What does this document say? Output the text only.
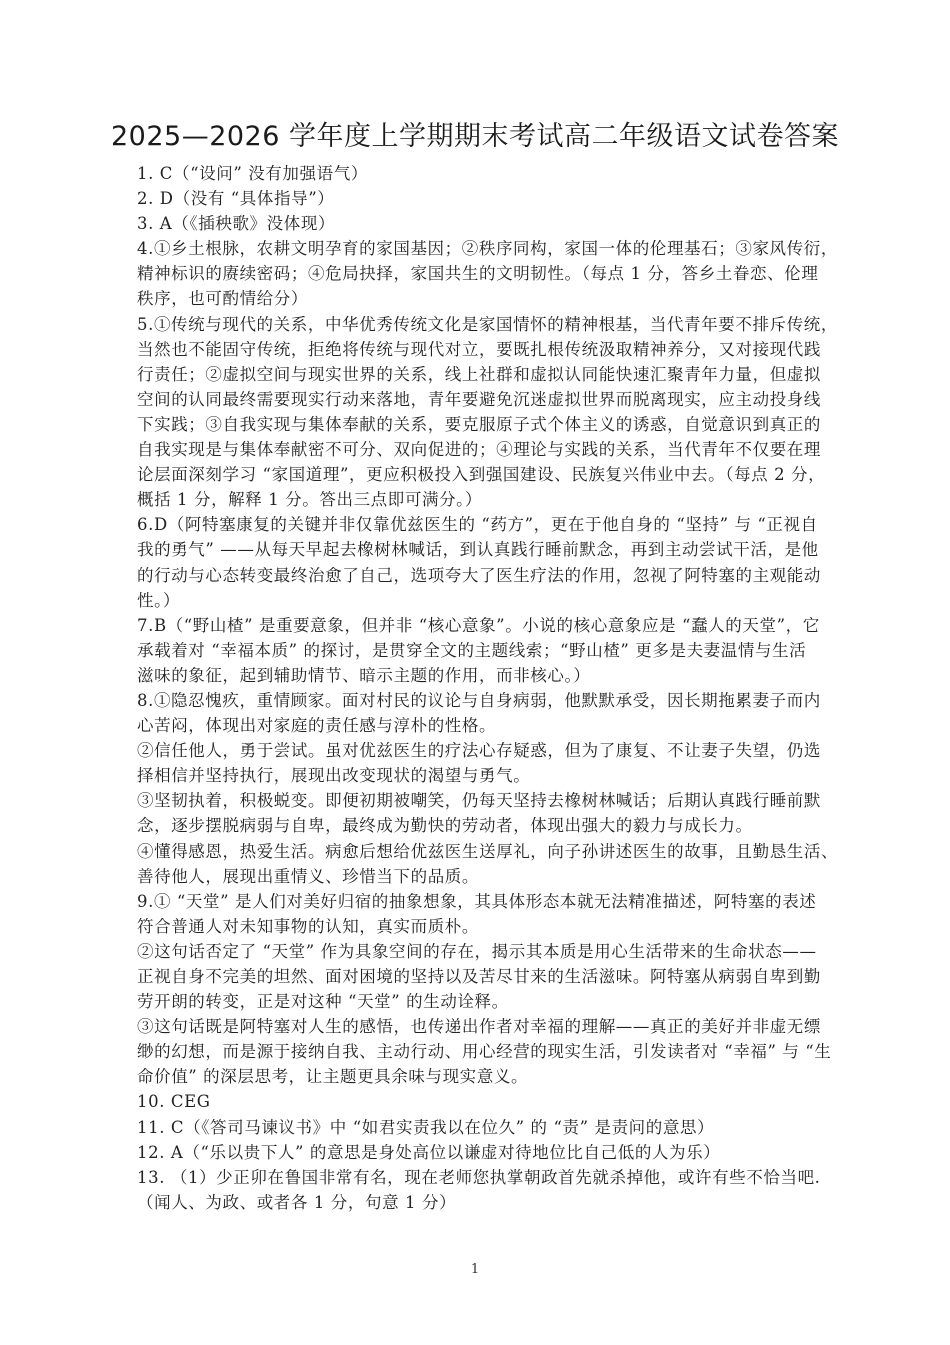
2025—2026 学年度上学期期末考试高二年级语文试卷答案
1. C（“设问” 没有加强语气）
2. D（没有 “具体指导”）
3. A（《插秧歌》没体现）
4.①乡土根脉，农耕文明孕育的家国基因；②秩序同构，家国一体的伦理基石；③家风传衍，
精神标识的赓续密码；④危局抉择，家国共生的文明韧性。（每点 1 分，答乡土眷恋、伦理
秩序，也可酌情给分）
5.①传统与现代的关系，中华优秀传统文化是家国情怀的精神根基，当代青年要不排斥传统，
当然也不能固守传统，拒绝将传统与现代对立，要既扎根传统汲取精神养分，又对接现代践
行责任；②虚拟空间与现实世界的关系，线上社群和虚拟认同能快速汇聚青年力量，但虚拟
空间的认同最终需要现实行动来落地，青年要避免沉迷虚拟世界而脱离现实，应主动投身线
下实践；③自我实现与集体奉献的关系，要克服原子式个体主义的诱惑，自觉意识到真正的
自我实现是与集体奉献密不可分、双向促进的；④理论与实践的关系，当代青年不仅要在理
论层面深刻学习 “家国道理”，更应积极投入到强国建设、民族复兴伟业中去。（每点 2 分，
概括 1 分，解释 1 分。答出三点即可满分。）
6.D（阿特塞康复的关键并非仅靠优兹医生的 “药方”，更在于他自身的 “坚持” 与 “正视自
我的勇气” ——从每天早起去橡树林喊话，到认真践行睡前默念，再到主动尝试干活，是他
的行动与心态转变最终治愈了自己，选项夸大了医生疗法的作用，忽视了阿特塞的主观能动
性。）
7.B（“野山楂” 是重要意象，但并非 “核心意象”。小说的核心意象应是 “蠢人的天堂”，它
承载着对 “幸福本质” 的探讨，是贯穿全文的主题线索；“野山楂” 更多是夫妻温情与生活
滋味的象征，起到辅助情节、暗示主题的作用，而非核心。）
8.①隐忍愧疚，重情顾家。面对村民的议论与自身病弱，他默默承受，因长期拖累妻子而内
心苦闷，体现出对家庭的责任感与淳朴的性格。
②信任他人，勇于尝试。虽对优兹医生的疗法心存疑惑，但为了康复、不让妻子失望，仍选
择相信并坚持执行，展现出改变现状的渴望与勇气。
③坚韧执着，积极蜕变。即便初期被嘲笑，仍每天坚持去橡树林喊话；后期认真践行睡前默
念，逐步摆脱病弱与自卑，最终成为勤快的劳动者，体现出强大的毅力与成长力。
④懂得感恩，热爱生活。病愈后想给优兹医生送厚礼，向子孙讲述医生的故事，且勤恳生活、
善待他人，展现出重情义、珍惜当下的品质。
9.① “天堂” 是人们对美好归宿的抽象想象，其具体形态本就无法精准描述，阿特塞的表述
符合普通人对未知事物的认知，真实而质朴。
②这句话否定了 “天堂” 作为具象空间的存在，揭示其本质是用心生活带来的生命状态——
正视自身不完美的坦然、面对困境的坚持以及苦尽甘来的生活滋味。阿特塞从病弱自卑到勤
劳开朗的转变，正是对这种 “天堂” 的生动诠释。
③这句话既是阿特塞对人生的感悟，也传递出作者对幸福的理解——真正的美好并非虚无缥
缈的幻想，而是源于接纳自我、主动行动、用心经营的现实生活，引发读者对 “幸福” 与 “生
命价值” 的深层思考，让主题更具余味与现实意义。
10. CEG
11. C（《答司马谏议书》中 “如君实责我以在位久” 的 “责” 是责问的意思）
12. A（“乐以贵下人” 的意思是身处高位以谦虚对待地位比自己低的人为乐）
13. （1）少正卯在鲁国非常有名，现在老师您执掌朝政首先就杀掉他，或许有些不恰当吧.
（闻人、为政、或者各 1 分，句意 1 分）
1
